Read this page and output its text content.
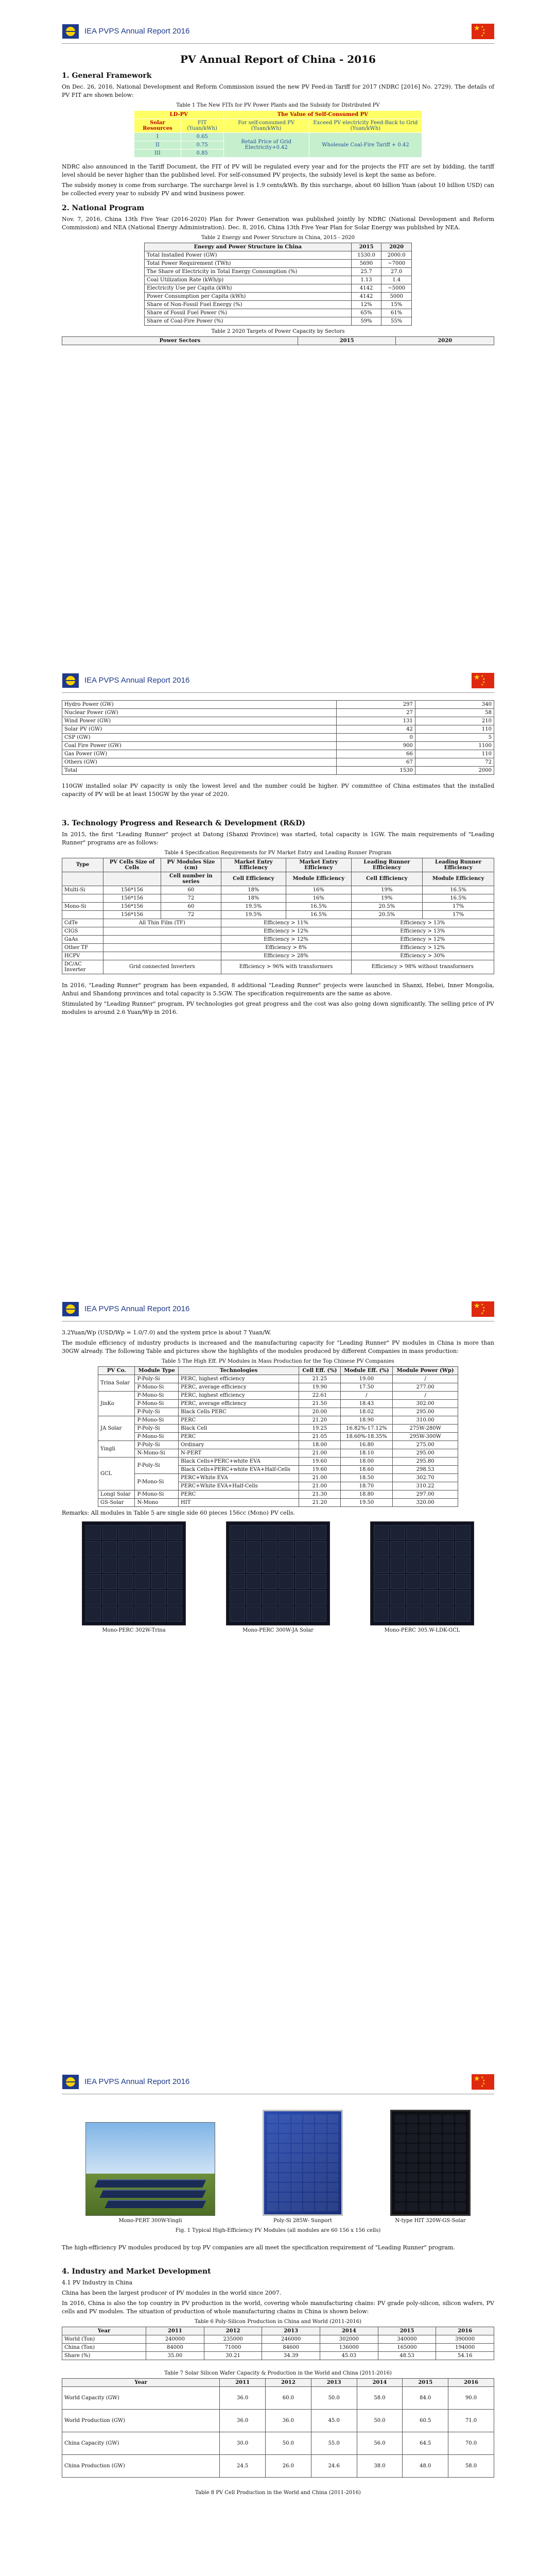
IEA PVPS Annual Report 2016	★ ★
★
★
★
PV Annual Report of China - 2016
1. General Framework

On Dec. 26, 2016, National Development and Reform Commission issued the new PV Feed-in Tariff for 2017 (NDRC [2016] No. 2729). The details of PV FIT are shown below:

Table 1 The New FITs for PV Power Plants and the Subsidy for Distributed PV
LD-PV		The Value of Self-Consumed PV	
Solar Resources	FIT (Yuan/kWh)	For self-consumed PV (Yuan/kWh)	Exceed PV electricity Feed-Back to Grid (Yuan/kWh)
I	0.65	Retail Price of Grid Electricity+0.42	Wholesale Coal-Fire Tariff + 0.42
II	0.75		
III	0.85		

NDRC also announced in the Tariff Document, the FIT of PV will be regulated every year and for the projects the FIT are set by bidding, the tariff level should be never higher than the published level. For self-consumed PV projects, the subsidy level is kept the same as before.

The subsidy money is come from surcharge. The surcharge level is 1.9 cents/kWh. By this surcharge, about 60 billion Yuan (about 10 billion USD) can be collected every year to subsidy PV and wind business power.

2. National Program

Nov. 7, 2016, China 13th Five Year (2016-2020) Plan for Power Generation was published jointly by NDRC (National Development and Reform Commission) and NEA (National Energy Administration). Dec. 8, 2016, China 13th Five Year Plan for Solar Energy was published by NEA.

Table 2 Energy and Power Structure in China, 2015 - 2020
Energy and Power Structure in China	2015	2020
Total Installed Power (GW)	1530.0	2000.0
Total Power Requirement (TWh)	5690	~7000
The Share of Electricity in Total Energy Consumption (%)	25.7	27.0
Coal Utilization Rate (kWh/p)	1.13	1.4
Electricity Use per Capita (kWh)	4142	~5000
Power Consumption per Capita (kWh)	4142	5000
Share of Non-Fossil Fuel Energy (%)	12%	15%
Share of Fossil Fuel Power (%)	65%	61%
Share of Coal-Fire Power (%)	59%	55%
Table 2 2020 Targets of Power Capacity by Sectors
Power Sectors	2015	2020
IEA PVPS Annual Report 2016	★ ★
★
★
★
Hydro Power (GW)	297	340
Nuclear Power (GW)	27	58
Wind Power (GW)	131	210
Solar PV (GW)	42	110
CSP (GW)	0	5
Coal Fire Power (GW)	900	1100
Gas Power (GW)	66	110
Others (GW)	67	72
Total	1530	2000

110GW installed solar PV capacity is only the lowest level and the number could be higher. PV committee of China estimates that the installed capacity of PV will be at least 150GW by the year of 2020.

3. Technology Progress and Research & Development (R&D)

In 2015, the first "Leading Runner" project at Datong (Shanxi Province) was started, total capacity is 1GW. The main requirements of "Leading Runner" programs are as follows:

Table 4 Specification Requirements for PV Market Entry and Leading Runner Program
Type	PV Cells Size of Cells	PV Modules Size (cm)	Market Entry Efficiency	Market Entry Efficiency	Leading Runner Efficiency	Leading Runner Efficiency
		Cell number in series	Cell Efficiency	Module Efficiency	Cell Efficiency	Module Efficiency
Multi-Si	156*156	60	18%	16%	19%	16.5%
	156*156	72	18%	16%	19%	16.5%
Mono-Si	156*156	60	19.5%	16.5%	20.5%	17%
	156*156	72	19.5%	16.5%	20.5%	17%
CdTe	All Thin Film (TF)		Efficiency > 11%		Efficiency > 13%	
CIGS			Efficiency > 12%		Efficiency > 13%	
GaAs			Efficiency > 12%		Efficiency > 12%	
Other TF			Efficiency > 8%		Efficiency > 12%	
HCPV			Efficiency > 28%		Efficiency > 30%	
DC/AC Inverter	Grid connected Inverters		Efficiency > 96% with transformers		Efficiency > 98% without transformers	

In 2016, "Leading Runner" program has been expanded, 8 additional "Leading Runner" projects were launched in Shanxi, Hebei, Inner Mongolia, Anhui and Shandong provinces and total capacity is 5.5GW. The specification requirements are the same as above.

Stimulated by "Leading Runner" program, PV technologies got great progress and the cost was also going down significantly. The selling price of PV modules is around 2.6 Yuan/Wp in 2016.

IEA PVPS Annual Report 2016	★ ★
★
★
★

3.2Yuan/Wp (USD/Wp = 1.0/7.0) and the system price is about 7 Yuan/W.

The module efficiency of industry products is increased and the manufacturing capacity for "Leading Runner" PV modules in China is more than 30GW already. The following Table and pictures show the highlights of the modules produced by different Companies in mass production:

Table 5 The High Eff. PV Modules in Mass Production for the Top Chinese PV Companies
PV Co.	Module Type	Technologies	Cell Eff. (%)	Module Eff. (%)	Module Power (Wp)
Trina Solar	P-Poly-Si	PERC, highest efficiency	21.25	19.00	/
	P-Mono-Si	PERC, average efficiency	19.90	17.50	277.00
JinKo	P-Mono-Si	PERC, highest efficiency	22.61	/	/
	P-Mono-Si	PERC, average efficiency	21.50	18.43	302.00
	P-Poly-Si	Black Cells PERC	20.00	18.02	295.00
JA Solar	P-Mono-Si	PERC	21.20	18.90	310.00
	P-Poly-Si	Black Cell	19.25	16.82%-17.12%	275W-280W
	P-Mono-Si	PERC	21.05	18.60%-18.35%	295W-300W
Yingli	P-Poly-Si	Ordinary	18.00	16.80	275.00
	N-Mono-Si	N-PERT	21.00	18.10	295.00
GCL	P-Poly-Si	Black Cells+PERC+white EVA	19.60	18.00	295.80
		Black Cells+PERC+white EVA+Half-Cells	19.60	18.60	298.53
	P-Mono-Si	PERC+White EVA	21.00	18.50	302.70
		PERC+White EVA+Half-Cells	21.00	18.70	310.22
Longi Solar	P-Mono-Si	PERC	21.30	18.80	297.00
GS-Solar	N-Mono	HIT	21.20	19.50	320.00

Remarks: All modules in Table 5 are single side 60 pieces 156cc (Mono) PV cells.

Mono-PERC 302W-Trina	Mono-PERC 300W-JA Solar	Mono-PERC 305.W-LDK-GCL
IEA PVPS Annual Report 2016	★ ★
★
★
★
Mono-PERT 300W-Yingli	Poly-Si 285W- Sunport	N-type HIT 320W-GS-Solar
Fig. 1 Typical High-Efficiency PV Modules (all modules are 60 156 x 156 cells)

The high-efficiency PV modules produced by top PV companies are all meet the specification requirement of "Leading Runner" program.

4. Industry and Market Development

4.1 PV Industry in China

China has been the largest producer of PV modules in the world since 2007.

In 2016, China is also the top country in PV production in the world, covering whole manufacturing chains: PV grade poly-silicon, silicon wafers, PV cells and PV modules. The situation of production of whole manufacturing chains in China is shown below:

Table 6 Poly-Silicon Production in China and World (2011-2016)
Year	2011	2012	2013	2014	2015	2016
World (Ton)	240000	235000	246000	302000	340000	390000
China (Ton)	84000	71000	84600	136000	165000	194000
Share (%)	35.00	30.21	34.39	45.03	48.53	54.16
Table 7 Solar Silicon Wafer Capacity & Production in the World and China (2011-2016)
Year	2011	2012	2013	2014	2015	2016
World Capacity (GW)	36.0	60.0	50.0	58.0	84.0	90.0
World Production (GW)	36.0	36.0	45.0	50.0	60.5	71.0
China Capacity (GW)	30.0	50.0	55.0	56.0	64.5	70.0
China Production (GW)	24.5	26.0	24.6	38.0	48.0	58.0
Table 8 PV Cell Production in the World and China (2011-2016)
